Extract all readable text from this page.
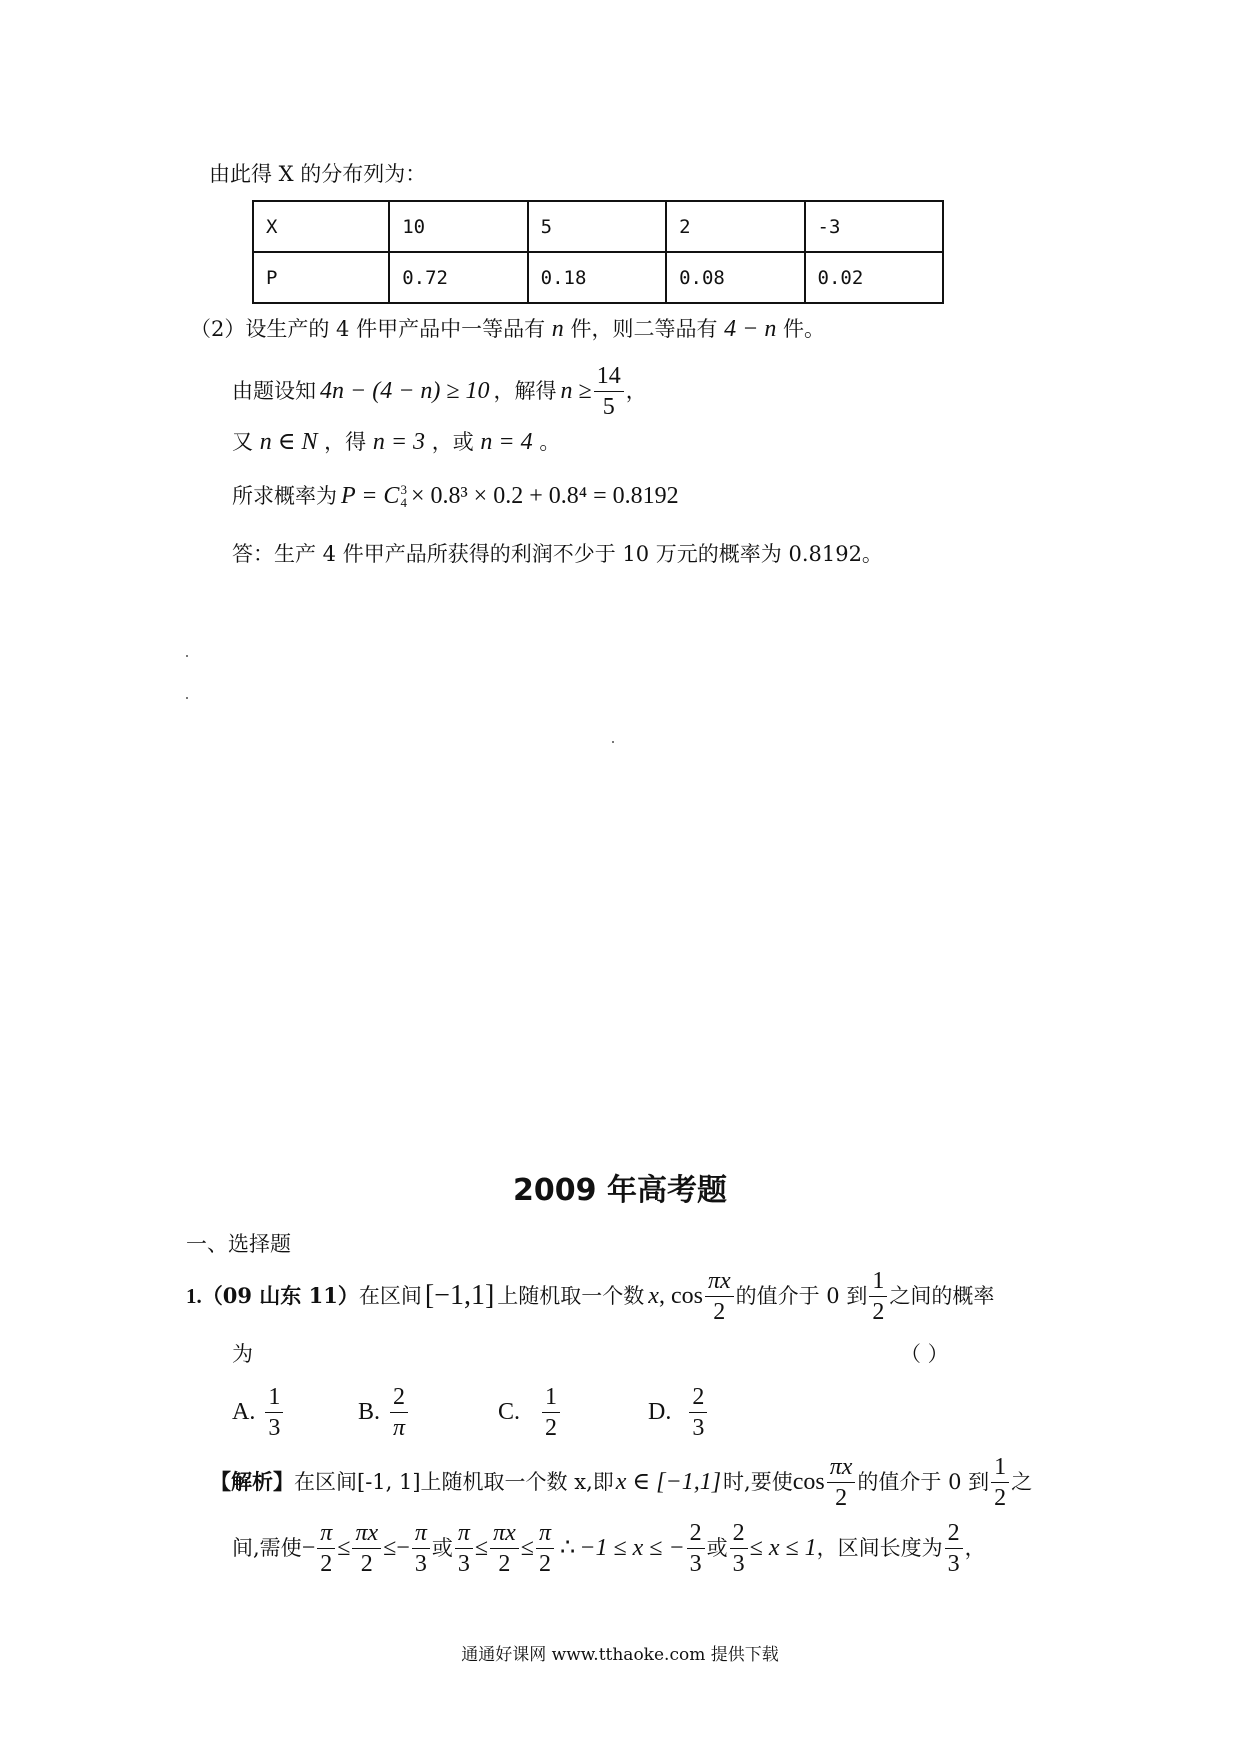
由此得 X 的分布列为：
X	10	5	2	-3
P	0.72	0.18	0.08	0.02
（2）设生产的 4 件甲产品中一等品有 n 件，则二等品有 4 − n 件。
由题设知 4n − (4 − n) ≥ 10 ，解得 $n \ge \frac{14}{5}$ ，
又 n ∈ N ，得 n = 3 ，或 n = 4 。
所求概率为 P = C 3
4 × 0.8³ × 0.2 + 0.8⁴ = 0.8192
答：生产 4 件甲产品所获得的利润不少于 10 万元的概率为 0.8192。
2009 年高考题
一、选择题
1. （09 山东 11） 在区间 [−1,1] 上随机取一个数 x , $\cos \frac{\pi x}{2}$ 的值介于 0 到 $\frac{1}{2}$ 之间的概率
为	（ ）
A. $\frac{1}{3}$	B. $\frac{2}{\pi}$	C. $\frac{1}{2}$	D. $\frac{2}{3}$
【解析】 在区间[-1, 1]上随机取一个数 x,即 x ∈ [−1,1] 时,要使 $\cos \frac{\pi x}{2}$ 的值介于 0 到 $\frac{1}{2}$ 之
间,需使 − $\frac{\pi}{2} \le \frac{\pi x}{2}$ ≤ − $\frac{\pi}{3}$ 或 $\frac{\pi}{3} \le \frac{\pi x}{2} \le \frac{\pi}{2}$ ∴ −1 ≤ x ≤ − $\frac{2}{3}$ 或 $\frac{2}{3} \le x \le 1$ ，区间长度为 $\frac{2}{3}$ ，
通通好课网 www.tthaoke.com 提供下载
